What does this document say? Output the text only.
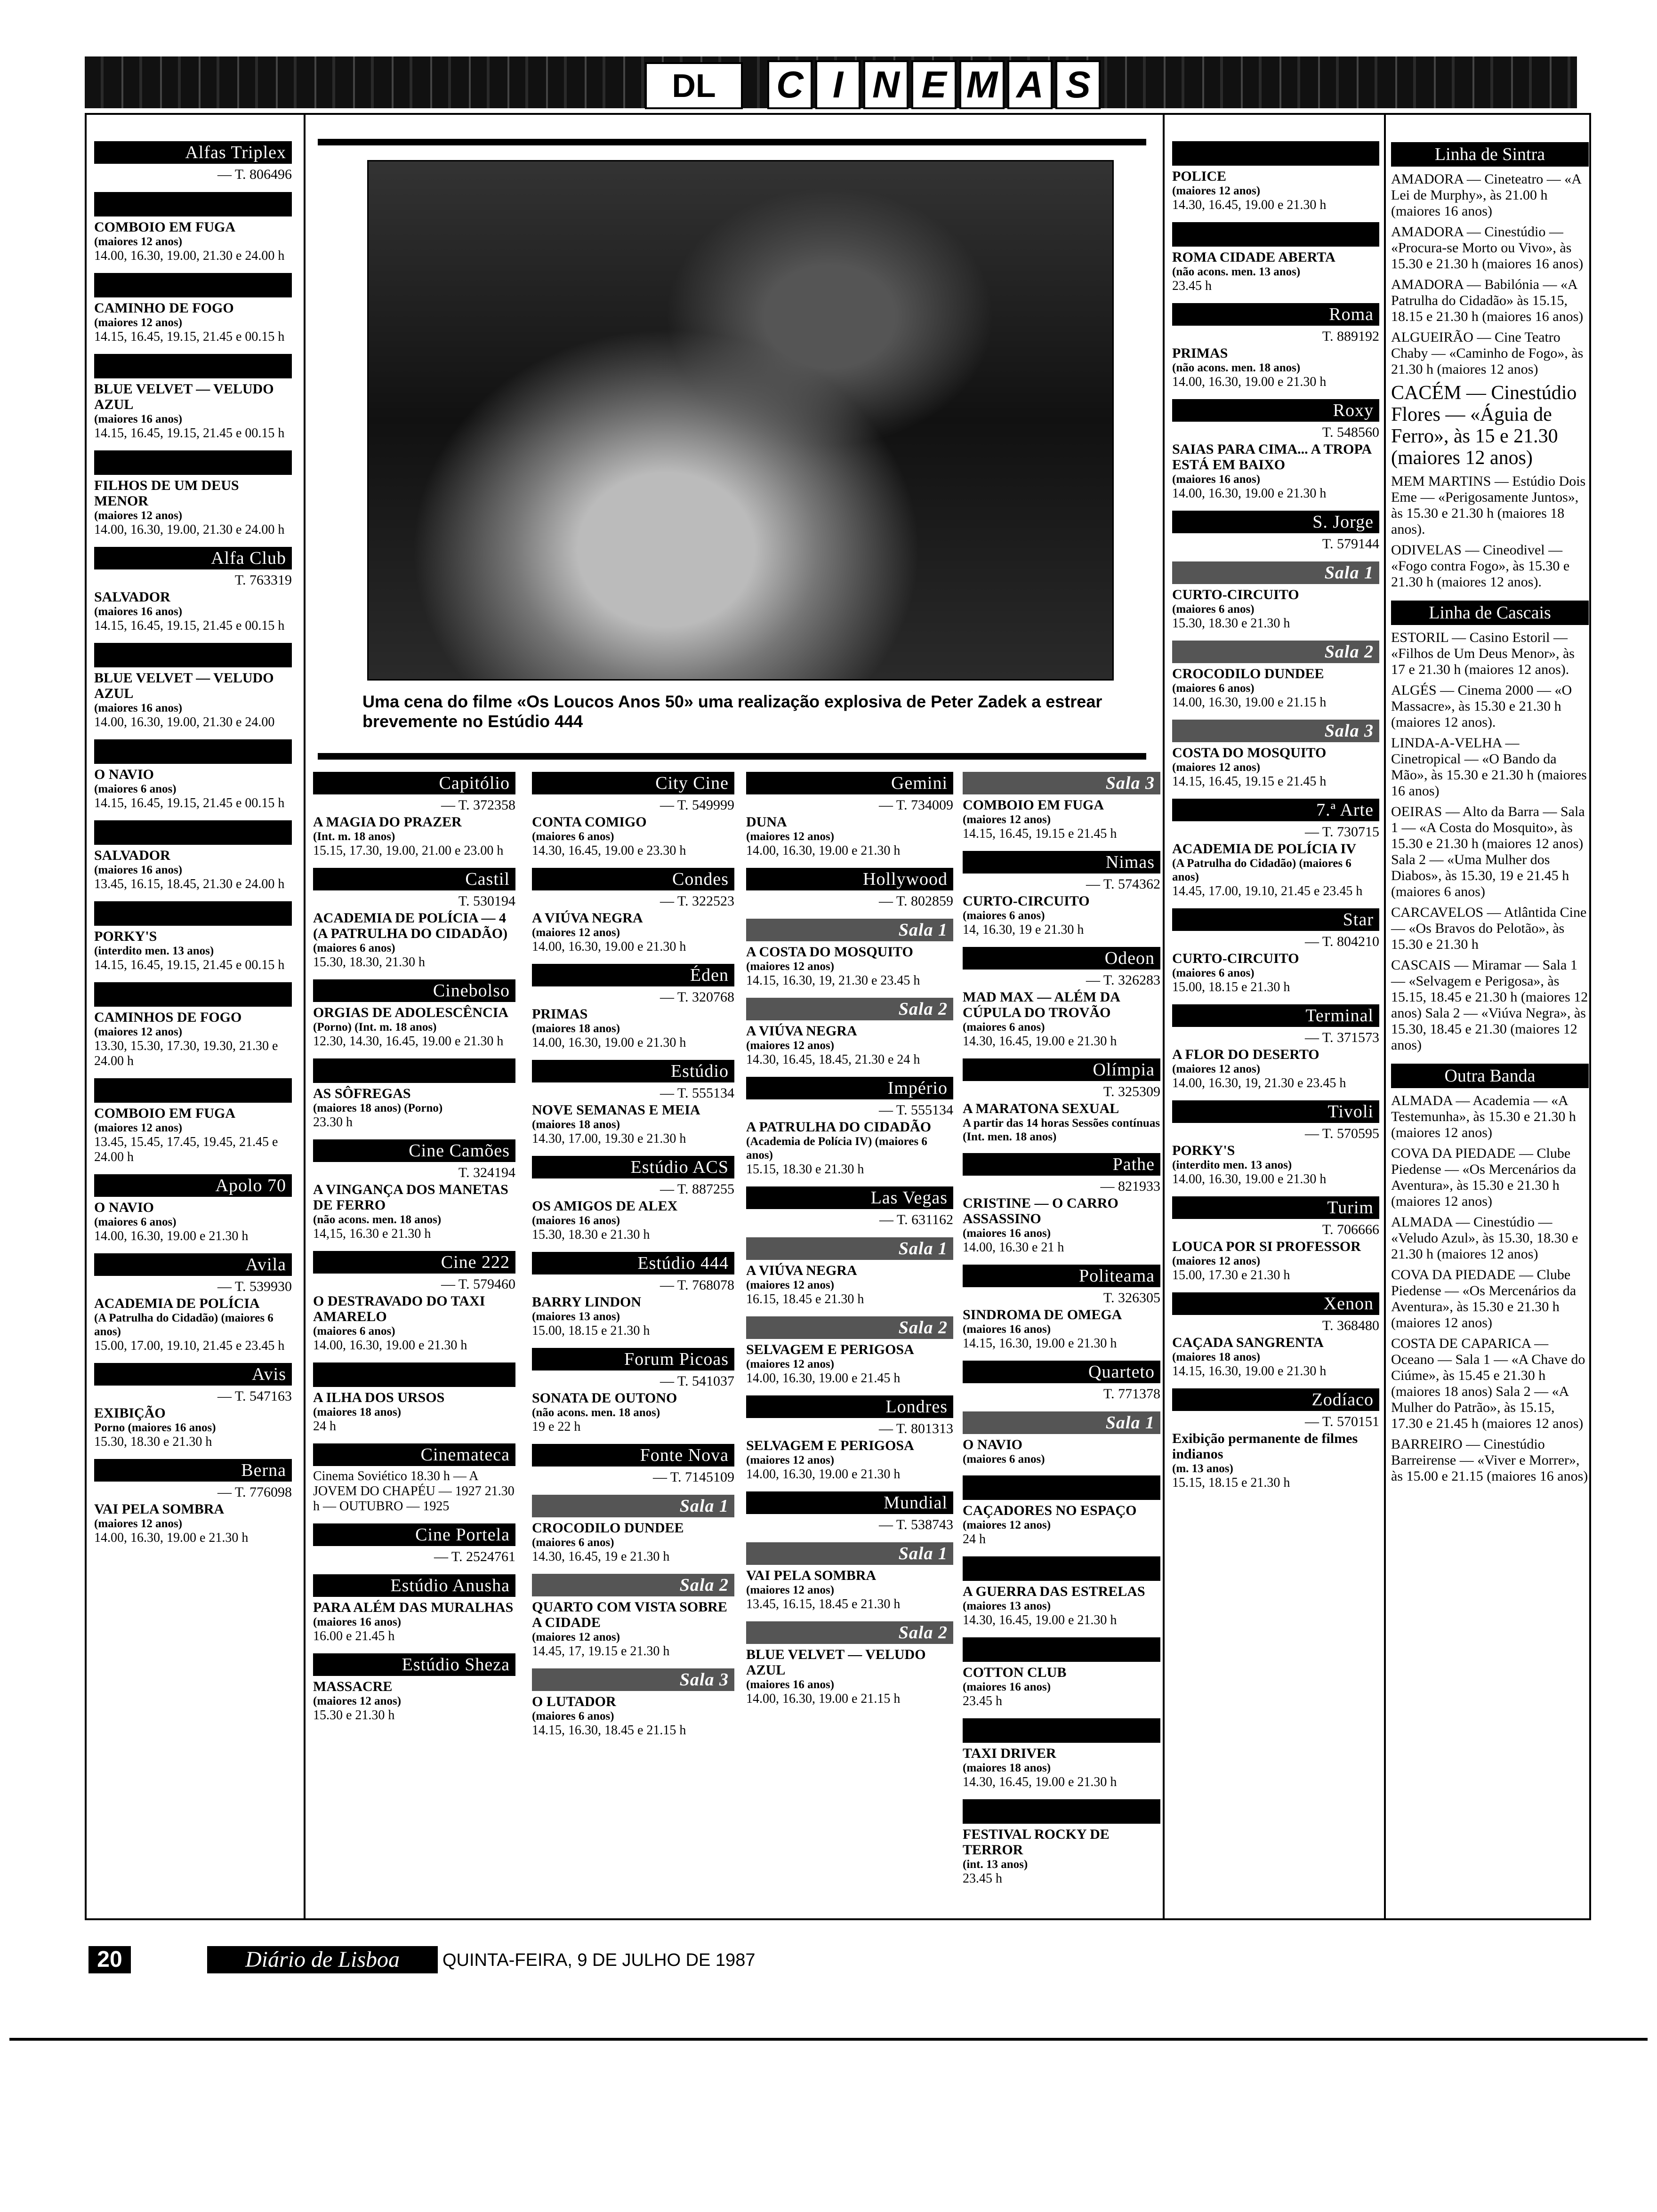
DL	C I N E M A S
Alfas Triplex
— T. 806496
COMBOIO EM FUGA
(maiores 12 anos)
14.00, 16.30, 19.00, 21.30 e 24.00 h
CAMINHO DE FOGO
(maiores 12 anos)
14.15, 16.45, 19.15, 21.45 e 00.15 h
BLUE VELVET — VELUDO AZUL
(maiores 16 anos)
14.15, 16.45, 19.15, 21.45 e 00.15 h
FILHOS DE UM DEUS MENOR
(maiores 12 anos)
14.00, 16.30, 19.00, 21.30 e 24.00 h
Alfa Club
T. 763319
SALVADOR
(maiores 16 anos)
14.15, 16.45, 19.15, 21.45 e 00.15 h
BLUE VELVET — VELUDO AZUL
(maiores 16 anos)
14.00, 16.30, 19.00, 21.30 e 24.00
O NAVIO
(maiores 6 anos)
14.15, 16.45, 19.15, 21.45 e 00.15 h
SALVADOR
(maiores 16 anos)
13.45, 16.15, 18.45, 21.30 e 24.00 h
PORKY'S
(interdito men. 13 anos)
14.15, 16.45, 19.15, 21.45 e 00.15 h
CAMINHOS DE FOGO
(maiores 12 anos)
13.30, 15.30, 17.30, 19.30, 21.30 e 24.00 h
COMBOIO EM FUGA
(maiores 12 anos)
13.45, 15.45, 17.45, 19.45, 21.45 e 24.00 h
Apolo 70
O NAVIO
(maiores 6 anos)
14.00, 16.30, 19.00 e 21.30 h
Avila
— T. 539930
ACADEMIA DE POLÍCIA
(A Patrulha do Cidadão) (maiores 6 anos)
15.00, 17.00, 19.10, 21.45 e 23.45 h
Avis
— T. 547163
EXIBIÇÃO
Porno (maiores 16 anos)
15.30, 18.30 e 21.30 h
Berna
— T. 776098
VAI PELA SOMBRA
(maiores 12 anos)
14.00, 16.30, 19.00 e 21.30 h
Capitólio
— T. 372358
A MAGIA DO PRAZER
(Int. m. 18 anos)
15.15, 17.30, 19.00, 21.00 e 23.00 h
Castil
T. 530194
ACADEMIA DE POLÍCIA — 4 (A PATRULHA DO CIDADÃO)
(maiores 6 anos)
15.30, 18.30, 21.30 h
Cinebolso
ORGIAS DE ADOLESCÊNCIA
(Porno) (Int. m. 18 anos)
12.30, 14.30, 16.45, 19.00 e 21.30 h
AS SÔFREGAS
(maiores 18 anos) (Porno)
23.30 h
Cine Camões
T. 324194
A VINGANÇA DOS MANETAS DE FERRO
(não acons. men. 18 anos)
14,15, 16.30 e 21.30 h
Cine 222
— T. 579460
O DESTRAVADO DO TAXI AMARELO
(maiores 6 anos)
14.00, 16.30, 19.00 e 21.30 h
A ILHA DOS URSOS
(maiores 18 anos)
24 h
Cinemateca
Cinema Soviético 18.30 h — A JOVEM DO CHAPÉU — 1927 21.30 h — OUTUBRO — 1925
Cine Portela
— T. 2524761
Estúdio Anusha
PARA ALÉM DAS MURALHAS
(maiores 16 anos)
16.00 e 21.45 h
Estúdio Sheza
MASSACRE
(maiores 12 anos)
15.30 e 21.30 h
City Cine
— T. 549999
CONTA COMIGO
(maiores 6 anos)
14.30, 16.45, 19.00 e 23.30 h
Condes
— T. 322523
A VIÚVA NEGRA
(maiores 12 anos)
14.00, 16.30, 19.00 e 21.30 h
Éden
— T. 320768
PRIMAS
(maiores 18 anos)
14.00, 16.30, 19.00 e 21.30 h
Estúdio
— T. 555134
NOVE SEMANAS E MEIA
(maiores 18 anos)
14.30, 17.00, 19.30 e 21.30 h
Estúdio ACS
— T. 887255
OS AMIGOS DE ALEX
(maiores 16 anos)
15.30, 18.30 e 21.30 h
Estúdio 444
— T. 768078
BARRY LINDON
(maiores 13 anos)
15.00, 18.15 e 21.30 h
Forum Picoas
— T. 541037
SONATA DE OUTONO
(não acons. men. 18 anos)
19 e 22 h
Fonte Nova
— T. 7145109
Sala 1
CROCODILO DUNDEE
(maiores 6 anos)
14.30, 16.45, 19 e 21.30 h
Sala 2
QUARTO COM VISTA SOBRE A CIDADE
(maiores 12 anos)
14.45, 17, 19.15 e 21.30 h
Sala 3
O LUTADOR
(maiores 6 anos)
14.15, 16.30, 18.45 e 21.15 h
Gemini
— T. 734009
DUNA
(maiores 12 anos)
14.00, 16.30, 19.00 e 21.30 h
Hollywood
— T. 802859
Sala 1
A COSTA DO MOSQUITO
(maiores 12 anos)
14.15, 16.30, 19, 21.30 e 23.45 h
Sala 2
A VIÚVA NEGRA
(maiores 12 anos)
14.30, 16.45, 18.45, 21.30 e 24 h
Império
— T. 555134
A PATRULHA DO CIDADÃO
(Academia de Polícia IV) (maiores 6 anos)
15.15, 18.30 e 21.30 h
Las Vegas
— T. 631162
Sala 1
A VIÚVA NEGRA
(maiores 12 anos)
16.15, 18.45 e 21.30 h
Sala 2
SELVAGEM E PERIGOSA
(maiores 12 anos)
14.00, 16.30, 19.00 e 21.45 h
Londres
— T. 801313
SELVAGEM E PERIGOSA
(maiores 12 anos)
14.00, 16.30, 19.00 e 21.30 h
Mundial
— T. 538743
Sala 1
VAI PELA SOMBRA
(maiores 12 anos)
13.45, 16.15, 18.45 e 21.30 h
Sala 2
BLUE VELVET — VELUDO AZUL
(maiores 16 anos)
14.00, 16.30, 19.00 e 21.15 h
Sala 3
COMBOIO EM FUGA
(maiores 12 anos)
14.15, 16.45, 19.15 e 21.45 h
Nimas
— T. 574362
CURTO-CIRCUITO
(maiores 6 anos)
14, 16.30, 19 e 21.30 h
Odeon
— T. 326283
MAD MAX — ALÉM DA CÚPULA DO TROVÃO
(maiores 6 anos)
14.30, 16.45, 19.00 e 21.30 h
Olímpia
T. 325309
A MARATONA SEXUAL
A partir das 14 horas Sessões contínuas (Int. men. 18 anos)
Pathe
— 821933
CRISTINE — O CARRO ASSASSINO
(maiores 16 anos)
14.00, 16.30 e 21 h
Politeama
T. 326305
SINDROMA DE OMEGA
(maiores 16 anos)
14.15, 16.30, 19.00 e 21.30 h
Quarteto
T. 771378
Sala 1
O NAVIO
(maiores 6 anos)
CAÇADORES NO ESPAÇO
(maiores 12 anos)
24 h
A GUERRA DAS ESTRELAS
(maiores 13 anos)
14.30, 16.45, 19.00 e 21.30 h
COTTON CLUB
(maiores 16 anos)
23.45 h
TAXI DRIVER
(maiores 18 anos)
14.30, 16.45, 19.00 e 21.30 h
FESTIVAL ROCKY DE TERROR
(int. 13 anos)
23.45 h
POLICE
(maiores 12 anos)
14.30, 16.45, 19.00 e 21.30 h
ROMA CIDADE ABERTA
(não acons. men. 13 anos)
23.45 h
Roma
T. 889192
PRIMAS
(não acons. men. 18 anos)
14.00, 16.30, 19.00 e 21.30 h
Roxy
T. 548560
SAIAS PARA CIMA... A TROPA ESTÁ EM BAIXO
(maiores 16 anos)
14.00, 16.30, 19.00 e 21.30 h
S. Jorge
T. 579144
Sala 1
CURTO-CIRCUITO
(maiores 6 anos)
15.30, 18.30 e 21.30 h
Sala 2
CROCODILO DUNDEE
(maiores 6 anos)
14.00, 16.30, 19.00 e 21.15 h
Sala 3
COSTA DO MOSQUITO
(maiores 12 anos)
14.15, 16.45, 19.15 e 21.45 h
7.ª Arte
— T. 730715
ACADEMIA DE POLÍCIA IV
(A Patrulha do Cidadão) (maiores 6 anos)
14.45, 17.00, 19.10, 21.45 e 23.45 h
Star
— T. 804210
CURTO-CIRCUITO
(maiores 6 anos)
15.00, 18.15 e 21.30 h
Terminal
— T. 371573
A FLOR DO DESERTO
(maiores 12 anos)
14.00, 16.30, 19, 21.30 e 23.45 h
Tivoli
— T. 570595
PORKY'S
(interdito men. 13 anos)
14.00, 16.30, 19.00 e 21.30 h
Turim
T. 706666
LOUCA POR SI PROFESSOR
(maiores 12 anos)
15.00, 17.30 e 21.30 h
Xenon
T. 368480
CAÇADA SANGRENTA
(maiores 18 anos)
14.15, 16.30, 19.00 e 21.30 h
Zodíaco
— T. 570151
Exibição permanente de filmes indianos
(m. 13 anos)
15.15, 18.15 e 21.30 h
Linha de Sintra
AMADORA — Cineteatro — «A Lei de Murphy», às 21.00 h (maiores 16 anos)
AMADORA — Cinestúdio — «Procura-se Morto ou Vivo», às 15.30 e 21.30 h (maiores 16 anos)
AMADORA — Babilónia — «A Patrulha do Cidadão» às 15.15, 18.15 e 21.30 h (maiores 16 anos)
ALGUEIRÃO — Cine Teatro Chaby — «Caminho de Fogo», às 21.30 h (maiores 12 anos)
CACÉM — Cinestúdio Flores — «Águia de Ferro», às 15 e 21.30 (maiores 12 anos)
MEM MARTINS — Estúdio Dois Eme — «Perigosamente Juntos», às 15.30 e 21.30 h (maiores 18 anos).
ODIVELAS — Cineodivel — «Fogo contra Fogo», às 15.30 e 21.30 h (maiores 12 anos).
Linha de Cascais
ESTORIL — Casino Estoril — «Filhos de Um Deus Menor», às 17 e 21.30 h (maiores 12 anos).
ALGÉS — Cinema 2000 — «O Massacre», às 15.30 e 21.30 h (maiores 12 anos).
LINDA-A-VELHA — Cinetropical — «O Bando da Mão», às 15.30 e 21.30 h (maiores 16 anos)
OEIRAS — Alto da Barra — Sala 1 — «A Costa do Mosquito», às 15.30 e 21.30 h (maiores 12 anos) Sala 2 — «Uma Mulher dos Diabos», às 15.30, 19 e 21.45 h (maiores 6 anos)
CARCAVELOS — Atlântida Cine — «Os Bravos do Pelotão», às 15.30 e 21.30 h
CASCAIS — Miramar — Sala 1 — «Selvagem e Perigosa», às 15.15, 18.45 e 21.30 h (maiores 12 anos) Sala 2 — «Viúva Negra», às 15.30, 18.45 e 21.30 (maiores 12 anos)
Outra Banda
ALMADA — Academia — «A Testemunha», às 15.30 e 21.30 h (maiores 12 anos)
COVA DA PIEDADE — Clube Piedense — «Os Mercenários da Aventura», às 15.30 e 21.30 h (maiores 12 anos)
ALMADA — Cinestúdio — «Veludo Azul», às 15.30, 18.30 e 21.30 h (maiores 12 anos)
COVA DA PIEDADE — Clube Piedense — «Os Mercenários da Aventura», às 15.30 e 21.30 h (maiores 12 anos)
COSTA DE CAPARICA — Oceano — Sala 1 — «A Chave do Ciúme», às 15.45 e 21.30 h (maiores 18 anos) Sala 2 — «A Mulher do Patrão», às 15.15, 17.30 e 21.45 h (maiores 12 anos)
BARREIRO — Cinestúdio Barreirense — «Viver e Morrer», às 15.00 e 21.15 (maiores 16 anos)
Uma cena do filme «Os Loucos Anos 50» uma realização explosiva de Peter Zadek a estrear brevemente no Estúdio 444
20	Diário de Lisboa	QUINTA-FEIRA, 9 DE JULHO DE 1987
